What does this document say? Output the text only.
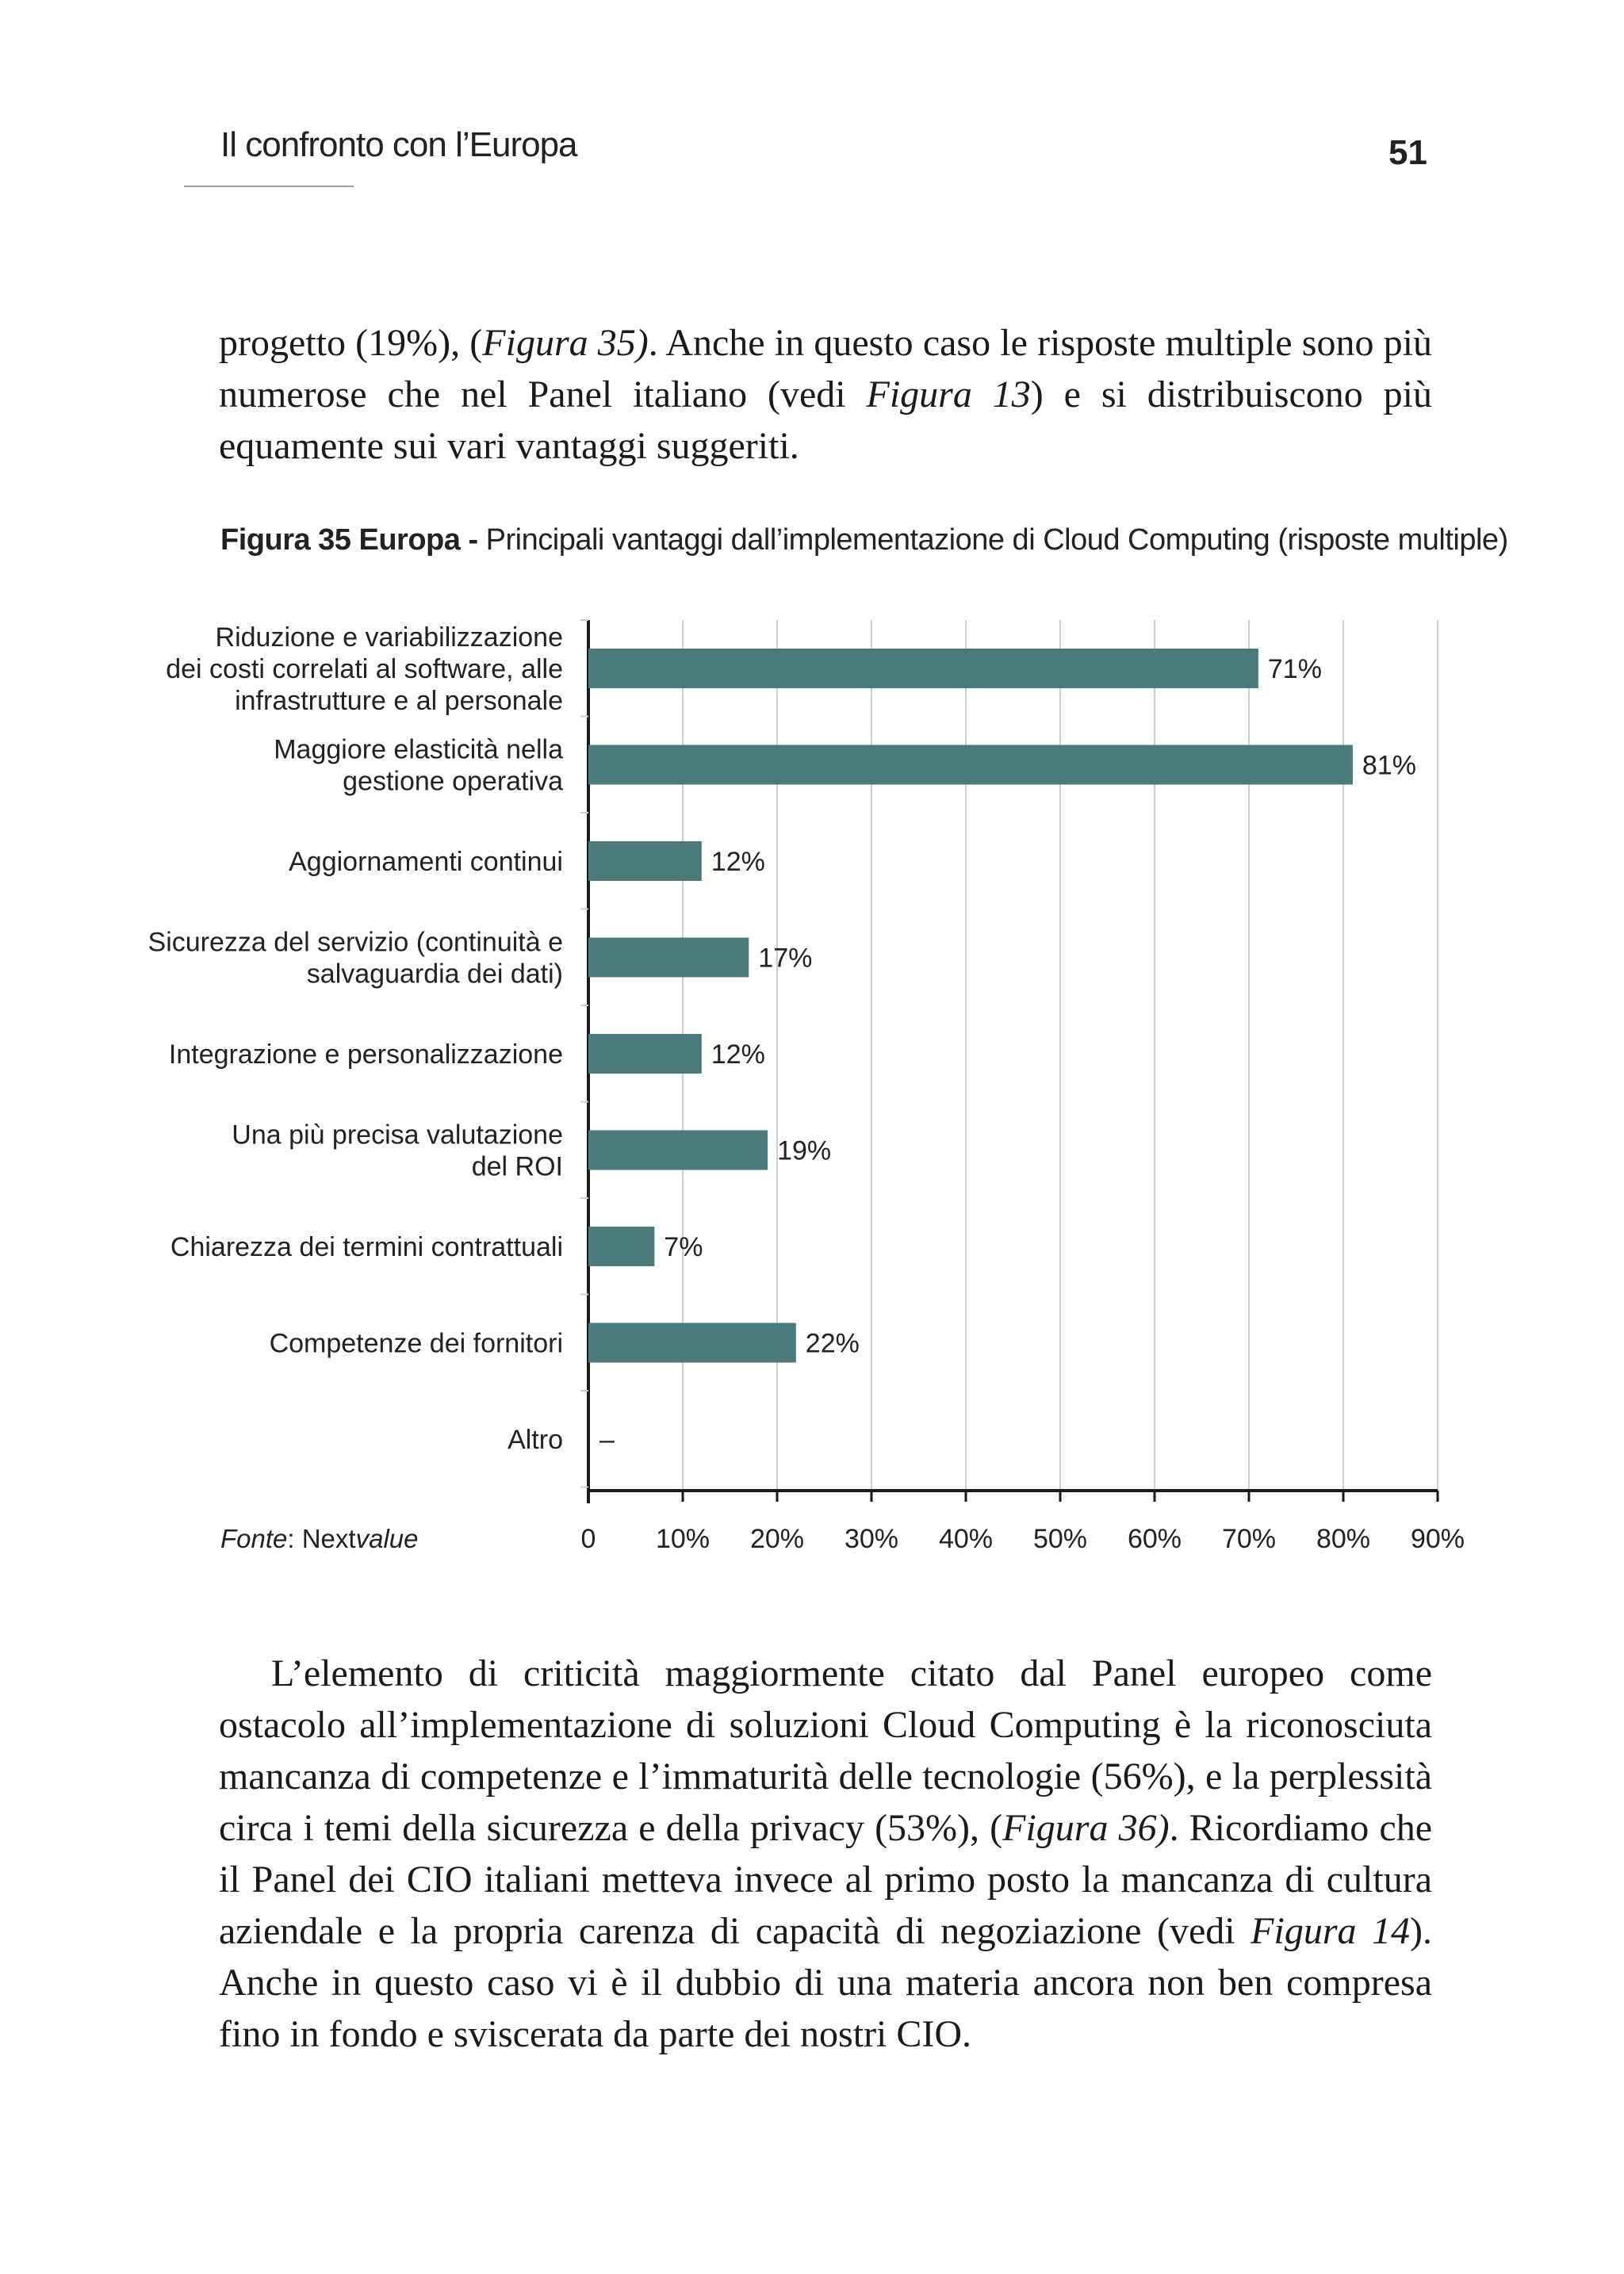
Il confronto con l’Europa	51
progetto (19%), (Figura 35). Anche in questo caso le risposte multiple sono più numerose che nel Panel italiano (vedi Figura 13) e si distribuiscono più equamente sui vari vantaggi suggeriti.
Figura 35 Europa - Principali vantaggi dall’implementazione di Cloud Computing (risposte multiple)
0 10% 20% 30% 40% 50% 60% 70% 80% 90%
71%
Riduzione e variabilizzazione
dei costi correlati al software, alle
infrastrutture e al personale
81%
Maggiore elasticità nella
gestione operativa
12%
Aggiornamenti continui
17%
Sicurezza del servizio (continuità e
salvaguardia dei dati)
12%
Integrazione e personalizzazione
19%
Una più precisa valutazione
del ROI
7%
Chiarezza dei termini contrattuali
22%
Competenze dei fornitori
–
Altro
Fonte: Nextvalue
L’elemento di criticità maggiormente citato dal Panel europeo come ostacolo all’implementazione di soluzioni Cloud Computing è la riconosciuta mancanza di competenze e l’immaturità delle tecnologie (56%), e la perplessità circa i temi della sicurezza e della privacy (53%), (Figura 36). Ricordiamo che il Panel dei CIO italiani metteva invece al primo posto la mancanza di cultura aziendale e la propria carenza di capacità di negoziazione (vedi Figura 14). Anche in questo caso vi è il dubbio di una materia ancora non ben compresa fino in fondo e sviscerata da parte dei nostri CIO.
